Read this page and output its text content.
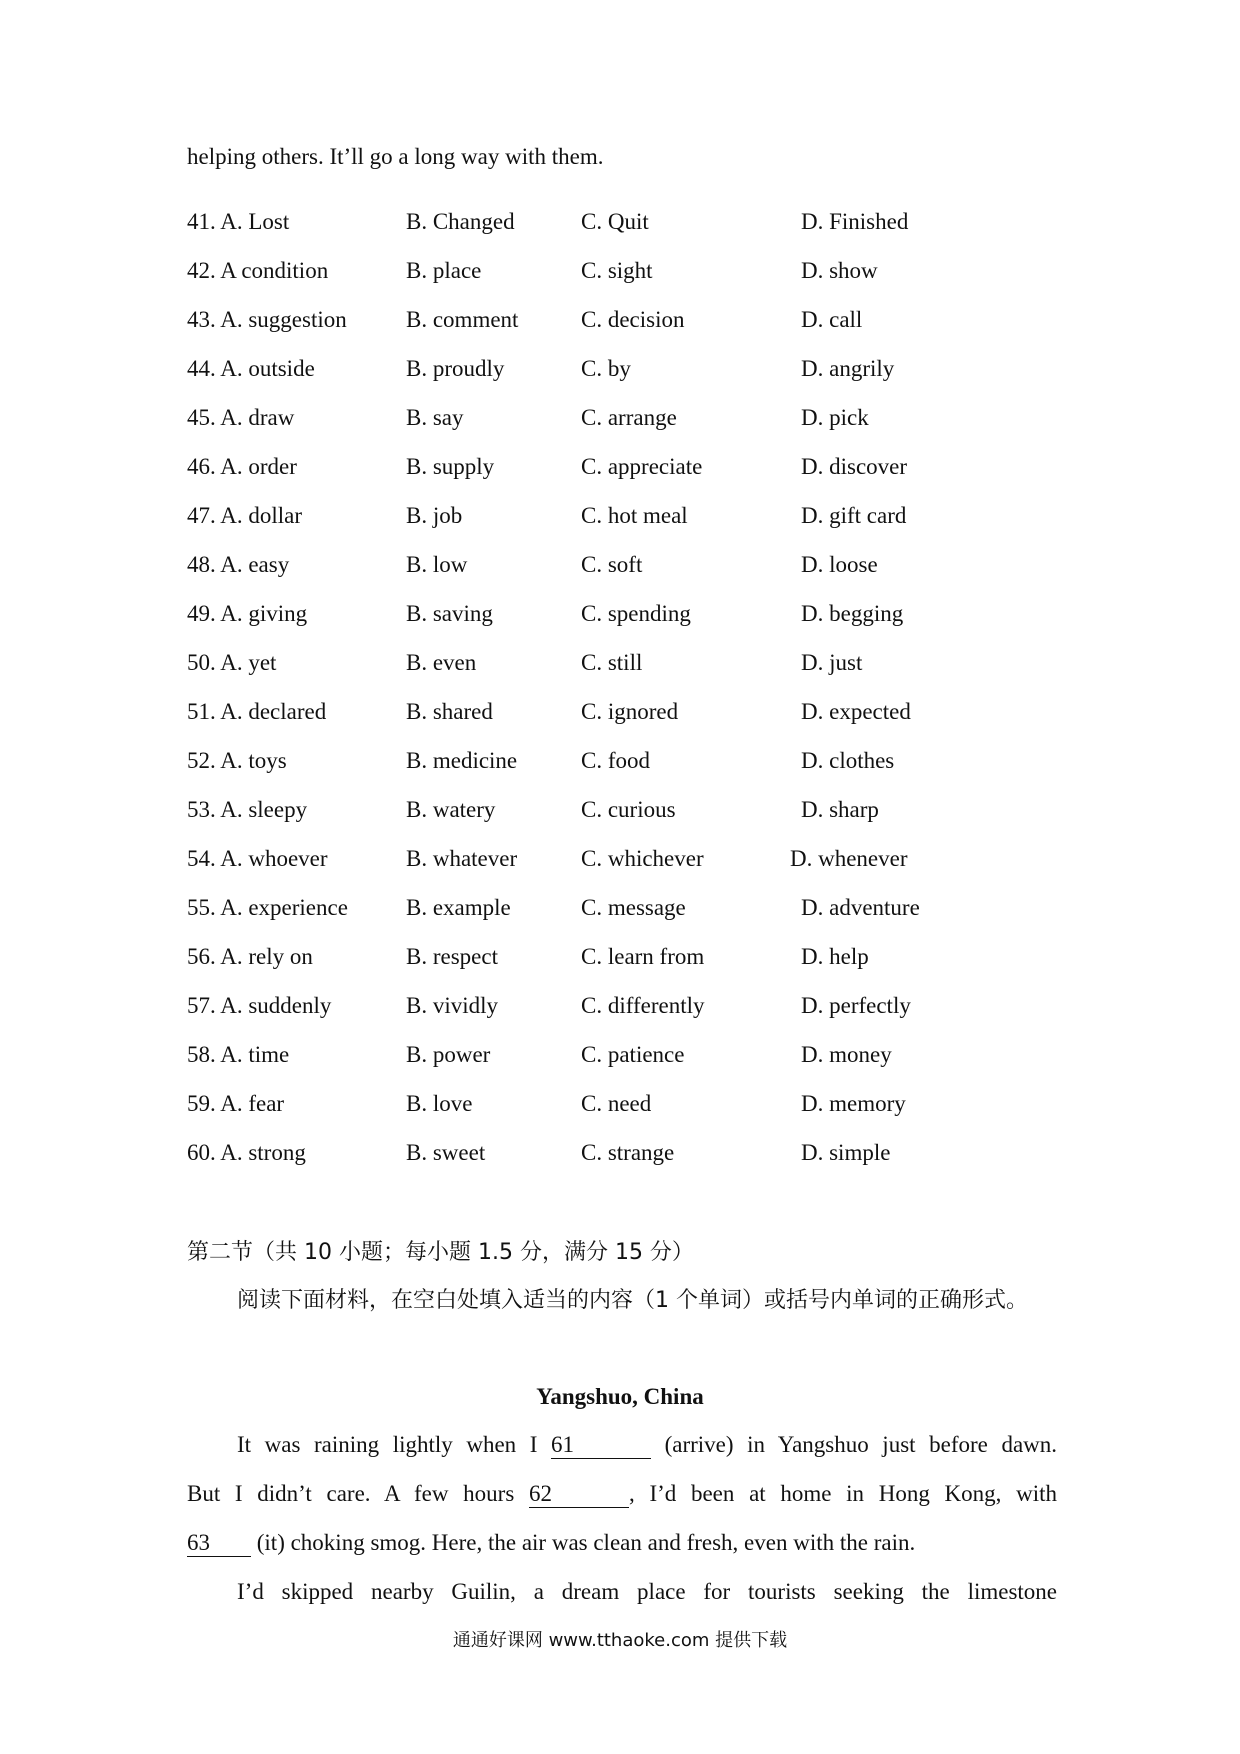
helping others. It’ll go a long way with them.
41. A. Lost	B. Changed	C. Quit	D. Finished
42. A condition	B. place	C. sight	D. show
43. A. suggestion	B. comment	C. decision	D. call
44. A. outside	B. proudly	C. by	D. angrily
45. A. draw	B. say	C. arrange	D. pick
46. A. order	B. supply	C. appreciate	D. discover
47. A. dollar	B. job	C. hot meal	D. gift card
48. A. easy	B. low	C. soft	D. loose
49. A. giving	B. saving	C. spending	D. begging
50. A. yet	B. even	C. still	D. just
51. A. declared	B. shared	C. ignored	D. expected
52. A. toys	B. medicine	C. food	D. clothes
53. A. sleepy	B. watery	C. curious	D. sharp
54. A. whoever	B. whatever	C. whichever	D. whenever
55. A. experience	B. example	C. message	D. adventure
56. A. rely on	B. respect	C. learn from	D. help
57. A. suddenly	B. vividly	C. differently	D. perfectly
58. A. time	B. power	C. patience	D. money
59. A. fear	B. love	C. need	D. memory
60. A. strong	B. sweet	C. strange	D. simple
第二节（共 10 小题；每小题 1.5 分，满分 15 分）
阅读下面材料，在空白处填入适当的内容（1 个单词）或括号内单词的正确形式。
Yangshuo, China
It was raining lightly when I 61	(arrive) in Yangshuo just before dawn.
But I didn’t care. A few hours 62	, I’d been at home in Hong Kong, with
63 (it) choking smog. Here, the air was clean and fresh, even with the rain.
I’d skipped nearby Guilin, a dream place for tourists seeking the limestone
通通好课网 www.tthaoke.com 提供下载
